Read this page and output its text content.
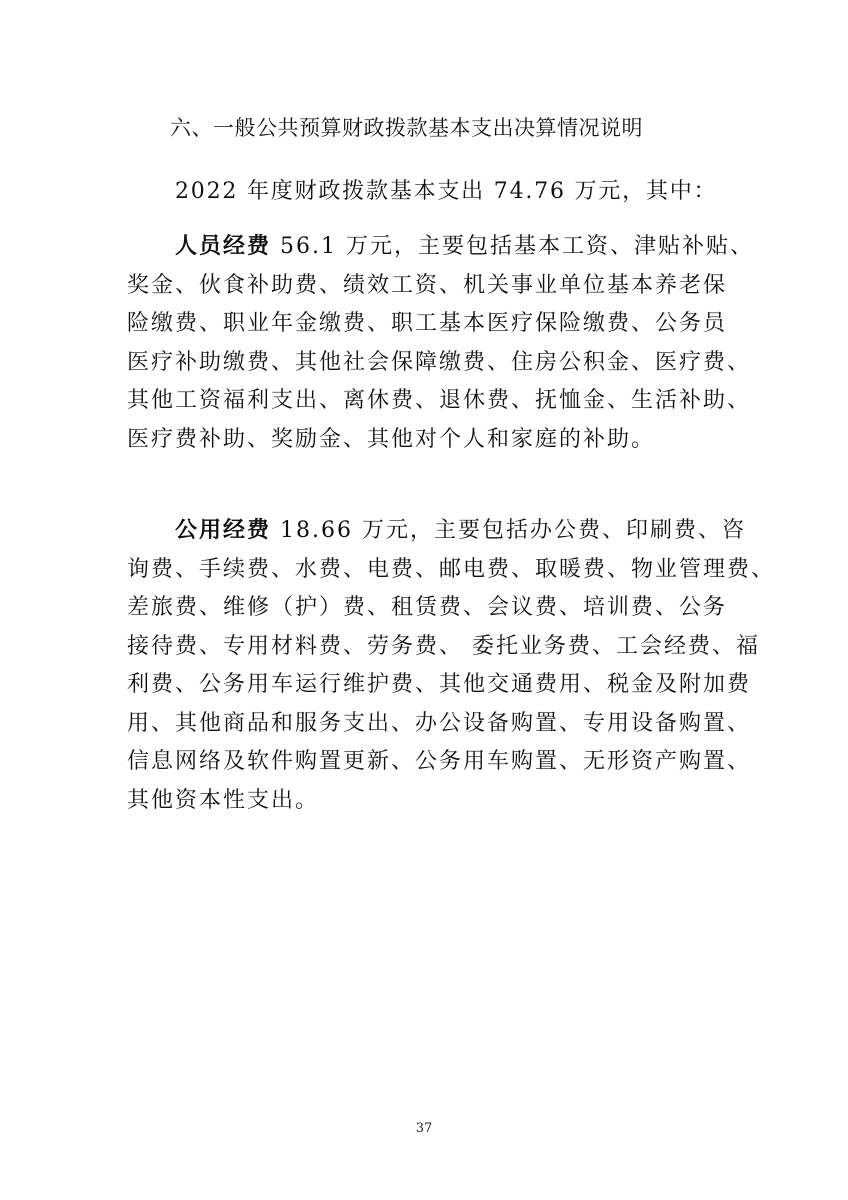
六、一般公共预算财政拨款基本支出决算情况说明
2022 年度财政拨款基本支出 74.76 万元，其中：
人员经费 56.1 万元，主要包括基本工资、津贴补贴、
奖金、伙食补助费、绩效工资、机关事业单位基本养老保
险缴费、职业年金缴费、职工基本医疗保险缴费、公务员
医疗补助缴费、其他社会保障缴费、住房公积金、医疗费、
其他工资福利支出、离休费、退休费、抚恤金、生活补助、
医疗费补助、奖励金、其他对个人和家庭的补助。
公用经费 18.66 万元，主要包括办公费、印刷费、咨
询费、手续费、水费、电费、邮电费、取暖费、物业管理费、
差旅费、维修（护）费、租赁费、会议费、培训费、公务
接待费、专用材料费、劳务费、 委托业务费、工会经费、福
利费、公务用车运行维护费、其他交通费用、税金及附加费
用、其他商品和服务支出、办公设备购置、专用设备购置、
信息网络及软件购置更新、公务用车购置、无形资产购置、
其他资本性支出。
37
